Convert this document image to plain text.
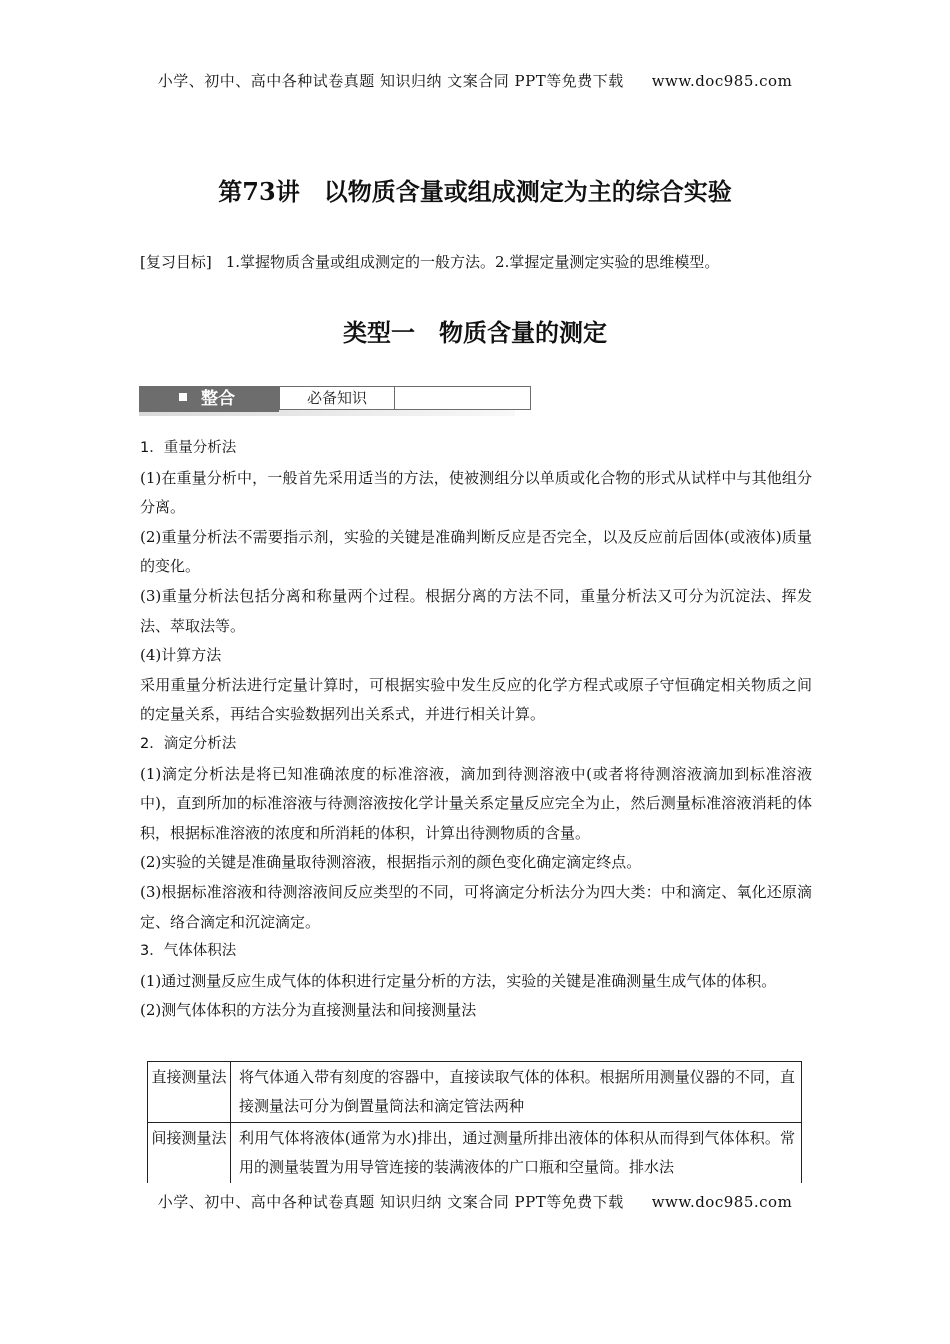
小学、初中、高中各种试卷真题 知识归纳 文案合同 PPT等免费下载 www.doc985.com
第73讲　以物质含量或组成测定为主的综合实验
[复习目标] 1.掌握物质含量或组成测定的一般方法。2.掌握定量测定实验的思维模型。
类型一　物质含量的测定
整合	必备知识

1．重量分析法

(1)在重量分析中，一般首先采用适当的方法，使被测组分以单质或化合物的形式从试样中与其他组分分离。

(2)重量分析法不需要指示剂，实验的关键是准确判断反应是否完全，以及反应前后固体(或液体)质量的变化。

(3)重量分析法包括分离和称量两个过程。根据分离的方法不同，重量分析法又可分为沉淀法、挥发法、萃取法等。

(4)计算方法

采用重量分析法进行定量计算时，可根据实验中发生反应的化学方程式或原子守恒确定相关物质之间的定量关系，再结合实验数据列出关系式，并进行相关计算。

2．滴定分析法

(1)滴定分析法是将已知准确浓度的标准溶液，滴加到待测溶液中(或者将待测溶液滴加到标准溶液中)，直到所加的标准溶液与待测溶液按化学计量关系定量反应完全为止，然后测量标准溶液消耗的体积，根据标准溶液的浓度和所消耗的体积，计算出待测物质的含量。

(2)实验的关键是准确量取待测溶液，根据指示剂的颜色变化确定滴定终点。

(3)根据标准溶液和待测溶液间反应类型的不同，可将滴定分析法分为四大类：中和滴定、氧化还原滴定、络合滴定和沉淀滴定。

3．气体体积法

(1)通过测量反应生成气体的体积进行定量分析的方法，实验的关键是准确测量生成气体的体积。

(2)测气体体积的方法分为直接测量法和间接测量法

直接测量法	将气体通入带有刻度的容器中，直接读取气体的体积。根据所用测量仪器的不同，直接测量法可分为倒置量筒法和滴定管法两种
间接测量法	利用气体将液体(通常为水)排出，通过测量所排出液体的体积从而得到气体体积。常用的测量装置为用导管连接的装满液体的广口瓶和空量筒。排水法
小学、初中、高中各种试卷真题 知识归纳 文案合同 PPT等免费下载 www.doc985.com
